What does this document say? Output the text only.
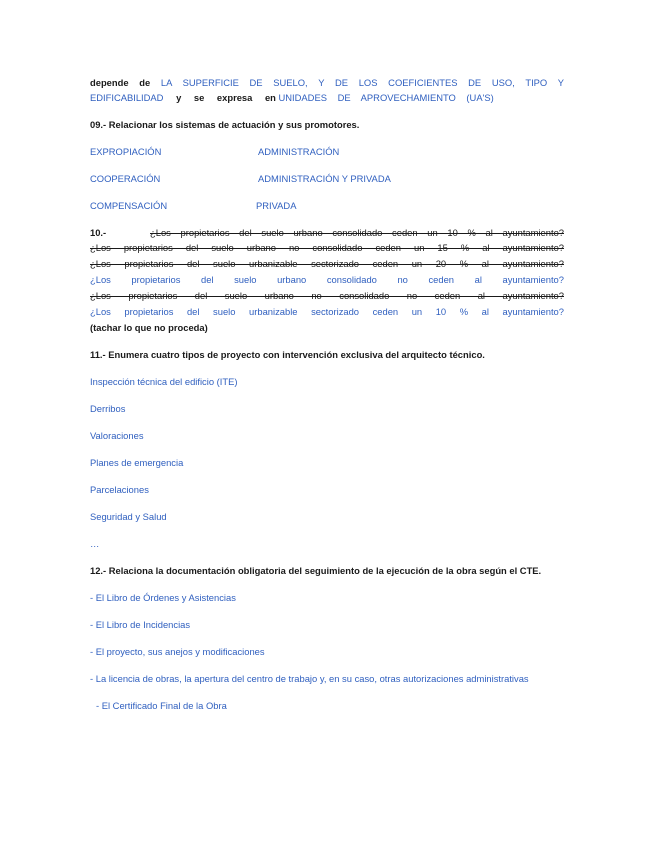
depende de LA SUPERFICIE DE SUELO, Y DE LOS COEFICIENTES DE USO, TIPO Y
EDIFICABILIDAD y se expresa en UNIDADES DE APROVECHAMIENTO (UA'S)
09.- Relacionar los sistemas de actuación y sus promotores.
EXPROPIACIÓN	ADMINISTRACIÓN
COOPERACIÓN	ADMINISTRACIÓN Y PRIVADA
COMPENSACIÓN	PRIVADA
10.-	¿Los propietarios del suelo urbano consolidado ceden un 10 % al ayuntamiento?
¿Los propietarios del suelo urbano no consolidado ceden un 15 % al ayuntamiento?
¿Los propietarios del suelo urbanizable sectorizado ceden un 20 % al ayuntamiento?
¿Los propietarios del suelo urbano consolidado no ceden al ayuntamiento?
¿Los propietarios del suelo urbano no consolidado no ceden al ayuntamiento?
¿Los propietarios del suelo urbanizable sectorizado ceden un 10 % al ayuntamiento?
(tachar lo que no proceda)
11.- Enumera cuatro tipos de proyecto con intervención exclusiva del arquitecto técnico.
Inspección técnica del edificio (ITE)
Derribos
Valoraciones
Planes de emergencia
Parcelaciones
Seguridad y Salud
…
12.- Relaciona la documentación obligatoria del seguimiento de la ejecución de la obra según el CTE.
- El Libro de Órdenes y Asistencias
- El Libro de Incidencias
- El proyecto, sus anejos y modificaciones
- La licencia de obras, la apertura del centro de trabajo y, en su caso, otras autorizaciones administrativas
- El Certificado Final de la Obra
